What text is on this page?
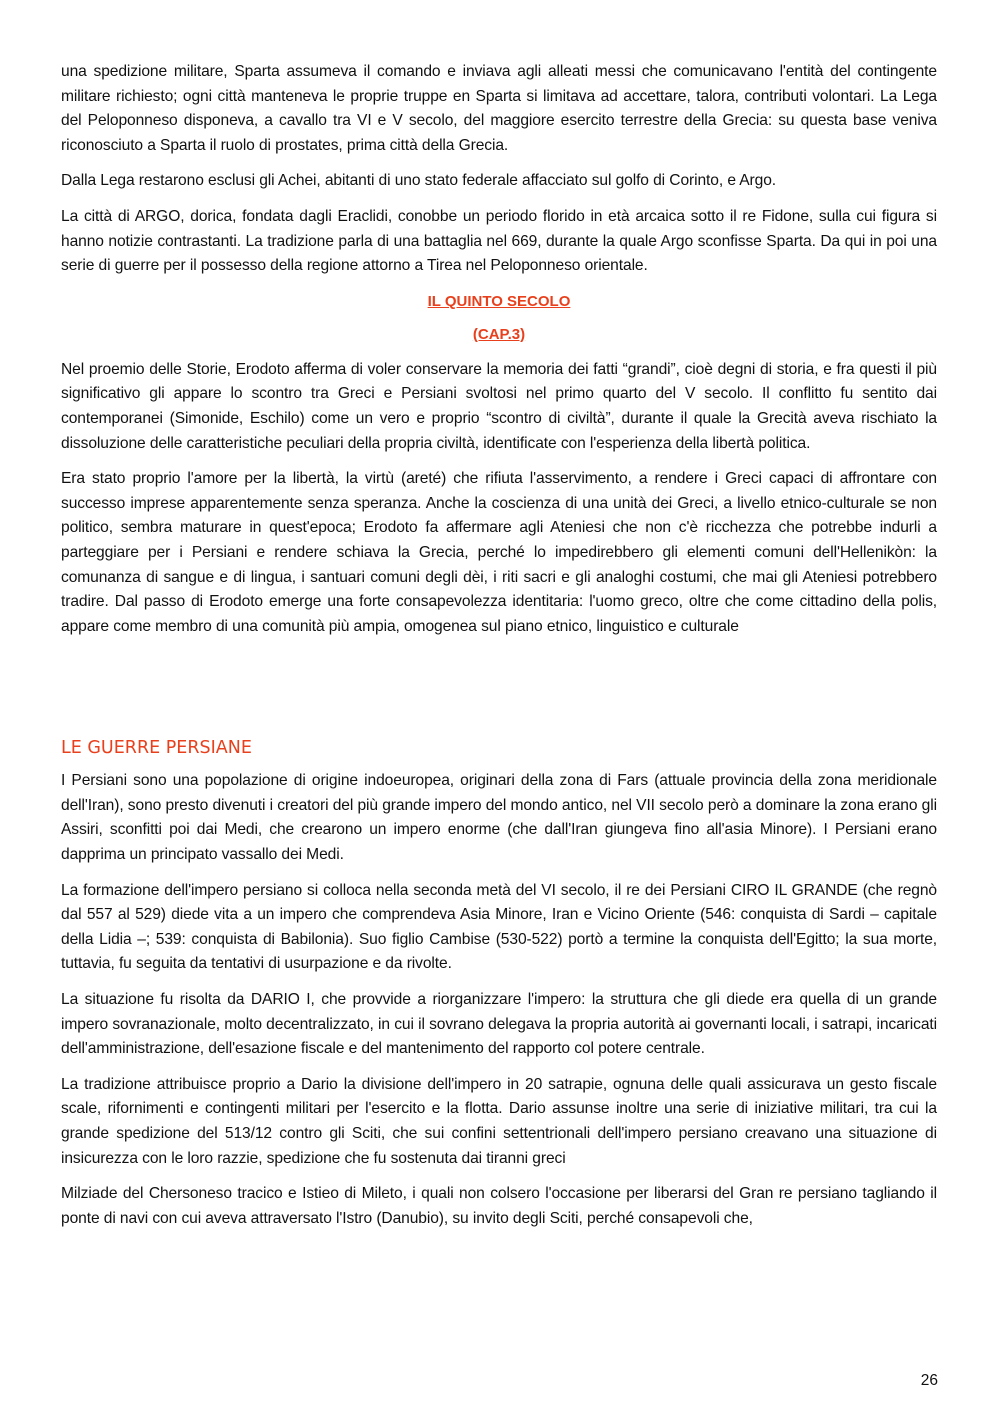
una spedizione militare, Sparta assumeva il comando e inviava agli alleati messi che comunicavano l'entità del contingente militare richiesto; ogni città manteneva le proprie truppe en Sparta si limitava ad accettare, talora, contributi volontari. La Lega del Peloponneso disponeva, a cavallo tra VI e V secolo, del maggiore esercito terrestre della Grecia: su questa base veniva riconosciuto a Sparta il ruolo di prostates, prima città della Grecia.

Dalla Lega restarono esclusi gli Achei, abitanti di uno stato federale affacciato sul golfo di Corinto, e Argo.

La città di ARGO, dorica, fondata dagli Eraclidi, conobbe un periodo florido in età arcaica sotto il re Fidone, sulla cui figura si hanno notizie contrastanti. La tradizione parla di una battaglia nel 669, durante la quale Argo sconfisse Sparta. Da qui in poi una serie di guerre per il possesso della regione attorno a Tirea nel Peloponneso orientale.

IL QUINTO SECOLO
(CAP.3)

Nel proemio delle Storie, Erodoto afferma di voler conservare la memoria dei fatti “grandi”, cioè degni di storia, e fra questi il più significativo gli appare lo scontro tra Greci e Persiani svoltosi nel primo quarto del V secolo. Il conflitto fu sentito dai contemporanei (Simonide, Eschilo) come un vero e proprio “scontro di civiltà”, durante il quale la Grecità aveva rischiato la dissoluzione delle caratteristiche peculiari della propria civiltà, identificate con l'esperienza della libertà politica.

Era stato proprio l'amore per la libertà, la virtù (areté) che rifiuta l'asservimento, a rendere i Greci capaci di affrontare con successo imprese apparentemente senza speranza. Anche la coscienza di una unità dei Greci, a livello etnico-culturale se non politico, sembra maturare in quest'epoca; Erodoto fa affermare agli Ateniesi che non c'è ricchezza che potrebbe indurli a parteggiare per i Persiani e rendere schiava la Grecia, perché lo impedirebbero gli elementi comuni dell'Hellenikòn: la comunanza di sangue e di lingua, i santuari comuni degli dèi, i riti sacri e gli analoghi costumi, che mai gli Ateniesi potrebbero tradire. Dal passo di Erodoto emerge una forte consapevolezza identitaria: l'uomo greco, oltre che come cittadino della polis, appare come membro di una comunità più ampia, omogenea sul piano etnico, linguistico e culturale

LE GUERRE PERSIANE

I Persiani sono una popolazione di origine indoeuropea, originari della zona di Fars (attuale provincia della zona meridionale dell'Iran), sono presto divenuti i creatori del più grande impero del mondo antico, nel VII secolo però a dominare la zona erano gli Assiri, sconfitti poi dai Medi, che crearono un impero enorme (che dall'Iran giungeva fino all'asia Minore). I Persiani erano dapprima un principato vassallo dei Medi.

La formazione dell'impero persiano si colloca nella seconda metà del VI secolo, il re dei Persiani CIRO IL GRANDE (che regnò dal 557 al 529) diede vita a un impero che comprendeva Asia Minore, Iran e Vicino Oriente (546: conquista di Sardi – capitale della Lidia –; 539: conquista di Babilonia). Suo figlio Cambise (530-522) portò a termine la conquista dell'Egitto; la sua morte, tuttavia, fu seguita da tentativi di usurpazione e da rivolte.

La situazione fu risolta da DARIO I, che provvide a riorganizzare l'impero: la struttura che gli diede era quella di un grande impero sovranazionale, molto decentralizzato, in cui il sovrano delegava la propria autorità ai governanti locali, i satrapi, incaricati dell'amministrazione, dell'esazione fiscale e del mantenimento del rapporto col potere centrale.

La tradizione attribuisce proprio a Dario la divisione dell'impero in 20 satrapie, ognuna delle quali assicurava un gesto fiscale scale, rifornimenti e contingenti militari per l'esercito e la flotta. Dario assunse inoltre una serie di iniziative militari, tra cui la grande spedizione del 513/12 contro gli Sciti, che sui confini settentrionali dell'impero persiano creavano una situazione di insicurezza con le loro razzie, spedizione che fu sostenuta dai tiranni greci

Milziade del Chersoneso tracico e Istieo di Mileto, i quali non colsero l'occasione per liberarsi del Gran re persiano tagliando il ponte di navi con cui aveva attraversato l'Istro (Danubio), su invito degli Sciti, perché consapevoli che,

26
